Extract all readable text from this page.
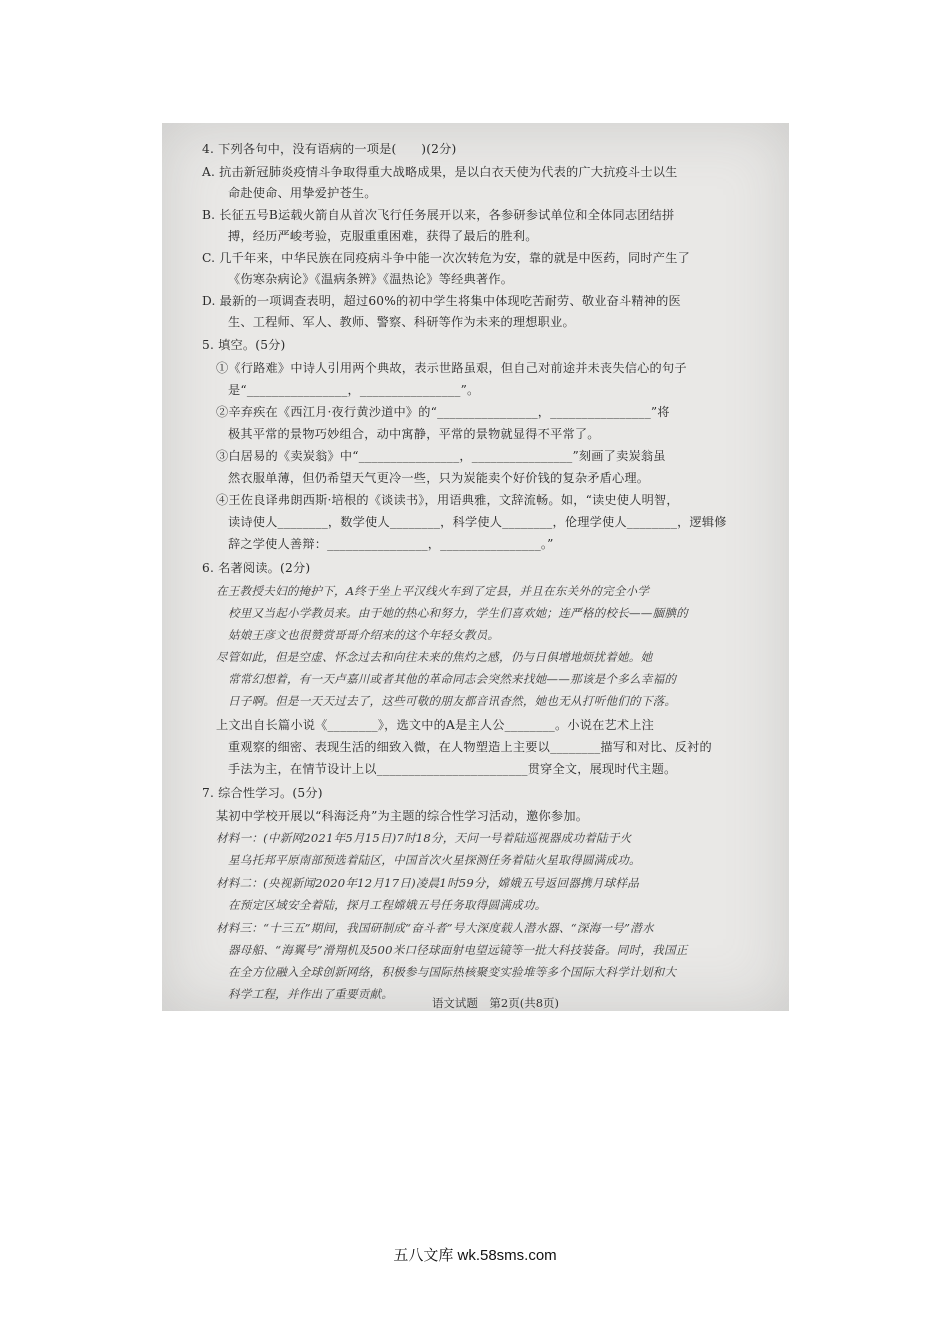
4. 下列各句中，没有语病的一项是(　　)(2分)
A. 抗击新冠肺炎疫情斗争取得重大战略成果，是以白衣天使为代表的广大抗疫斗士以生
命赴使命、用挚爱护苍生。
B. 长征五号B运载火箭自从首次飞行任务展开以来，各参研参试单位和全体同志团结拼
搏，经历严峻考验，克服重重困难，获得了最后的胜利。
C. 几千年来，中华民族在同疫病斗争中能一次次转危为安，靠的就是中医药，同时产生了
《伤寒杂病论》《温病条辨》《温热论》等经典著作。
D. 最新的一项调查表明，超过60%的初中学生将集中体现吃苦耐劳、敬业奋斗精神的医
生、工程师、军人、教师、警察、科研等作为未来的理想职业。
5. 填空。(5分)
①《行路难》中诗人引用两个典故，表示世路虽艰，但自己对前途并未丧失信心的句子
是“________________，________________”。
②辛弃疾在《西江月·夜行黄沙道中》的“________________，________________”将
极其平常的景物巧妙组合，动中寓静，平常的景物就显得不平常了。
③白居易的《卖炭翁》中“________________，________________”刻画了卖炭翁虽
然衣服单薄，但仍希望天气更冷一些，只为炭能卖个好价钱的复杂矛盾心理。
④王佐良译弗朗西斯·培根的《谈读书》，用语典雅，文辞流畅。如，“读史使人明智，
读诗使人________，数学使人________，科学使人________，伦理学使人________，逻辑修
辞之学使人善辩：________________，________________。”
6. 名著阅读。(2分)
在王教授夫妇的掩护下，A终于坐上平汉线火车到了定县，并且在东关外的完全小学
校里又当起小学教员来。由于她的热心和努力，学生们喜欢她；连严格的校长——腼腆的
姑娘王彦文也很赞赏哥哥介绍来的这个年轻女教员。
尽管如此，但是空虚、怀念过去和向往未来的焦灼之感，仍与日俱增地烦扰着她。她
常常幻想着，有一天卢嘉川或者其他的革命同志会突然来找她——那该是个多么幸福的
日子啊。但是一天天过去了，这些可敬的朋友都音讯杳然，她也无从打听他们的下落。
上文出自长篇小说《________》，选文中的A是主人公________。小说在艺术上注
重观察的细密、表现生活的细致入微，在人物塑造上主要以________描写和对比、反衬的
手法为主，在情节设计上以________________________贯穿全文，展现时代主题。
7. 综合性学习。(5分)
某初中学校开展以“科海泛舟”为主题的综合性学习活动，邀你参加。
材料一：(中新网2021年5月15日)7时18分，天问一号着陆巡视器成功着陆于火
星乌托邦平原南部预选着陆区，中国首次火星探测任务着陆火星取得圆满成功。
材料二：(央视新闻2020年12月17日)凌晨1时59分，嫦娥五号返回器携月球样品
在预定区域安全着陆，探月工程嫦娥五号任务取得圆满成功。
材料三：“十三五”期间，我国研制成“奋斗者”号大深度载人潜水器、“深海一号”潜水
器母船、“海翼号”滑翔机及500米口径球面射电望远镜等一批大科技装备。同时，我国正
在全方位融入全球创新网络，积极参与国际热核聚变实验堆等多个国际大科学计划和大
科学工程，并作出了重要贡献。
语文试题　第2页(共8页)
五八文库 wk.58sms.com
